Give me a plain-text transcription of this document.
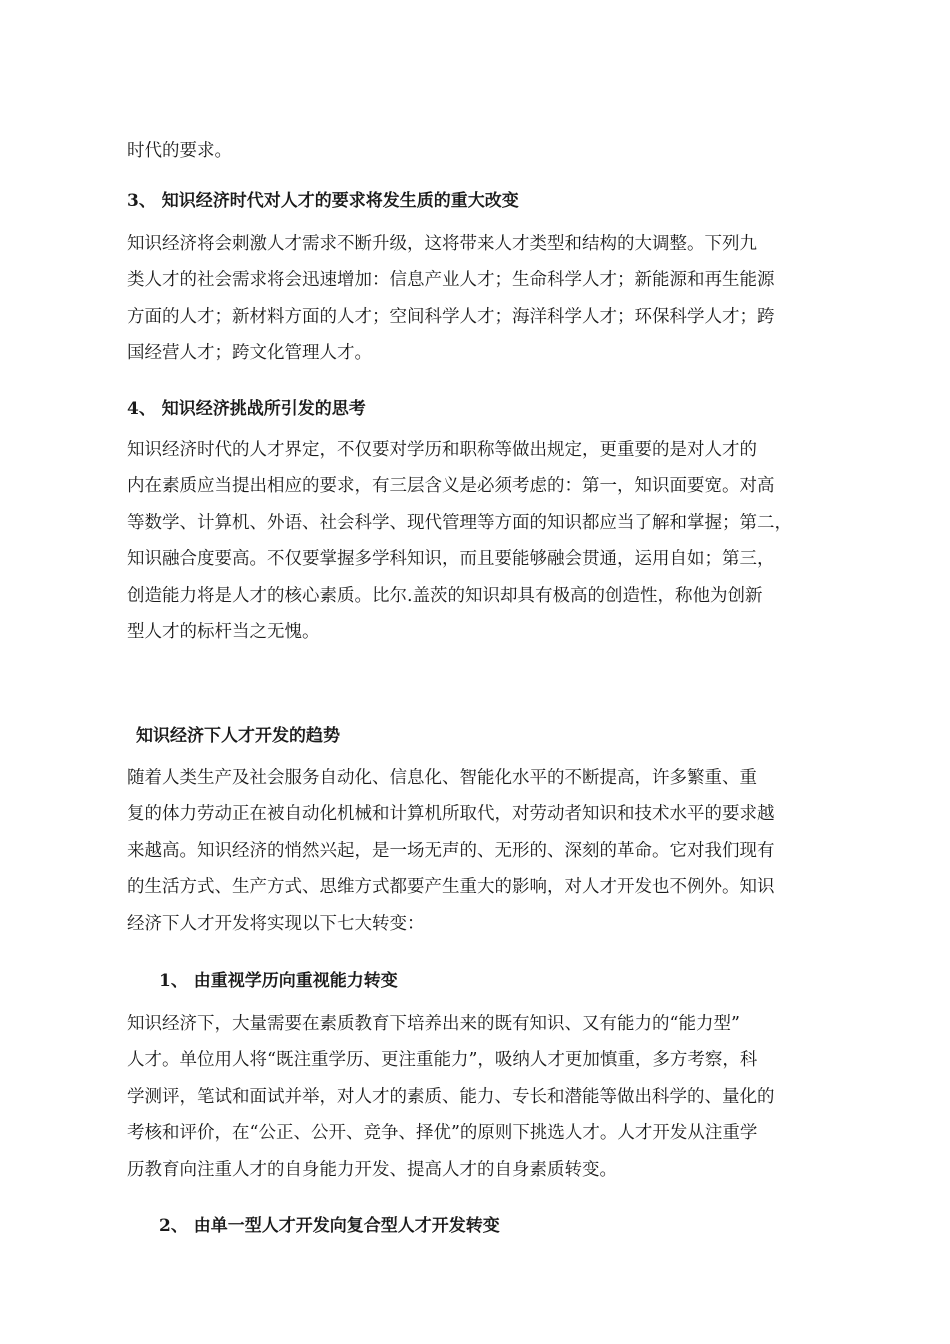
时代的要求。
3、 知识经济时代对人才的要求将发生质的重大改变
知识经济将会刺激人才需求不断升级，这将带来人才类型和结构的大调整。下列九
类人才的社会需求将会迅速增加：信息产业人才；生命科学人才；新能源和再生能源
方面的人才；新材料方面的人才；空间科学人才；海洋科学人才；环保科学人才；跨
国经营人才；跨文化管理人才。
4、 知识经济挑战所引发的思考
知识经济时代的人才界定，不仅要对学历和职称等做出规定，更重要的是对人才的
内在素质应当提出相应的要求，有三层含义是必须考虑的：第一，知识面要宽。对高
等数学、计算机、外语、社会科学、现代管理等方面的知识都应当了解和掌握；第二，
知识融合度要高。不仅要掌握多学科知识，而且要能够融会贯通，运用自如；第三，
创造能力将是人才的核心素质。比尔.盖茨的知识却具有极高的创造性，称他为创新
型人才的标杆当之无愧。
知识经济下人才开发的趋势
随着人类生产及社会服务自动化、信息化、智能化水平的不断提高，许多繁重、重
复的体力劳动正在被自动化机械和计算机所取代，对劳动者知识和技术水平的要求越
来越高。知识经济的悄然兴起，是一场无声的、无形的、深刻的革命。它对我们现有
的生活方式、生产方式、思维方式都要产生重大的影响，对人才开发也不例外。知识
经济下人才开发将实现以下七大转变：
1、 由重视学历向重视能力转变
知识经济下，大量需要在素质教育下培养出来的既有知识、又有能力的“能力型”
人才。单位用人将“既注重学历、更注重能力”，吸纳人才更加慎重，多方考察，科
学测评，笔试和面试并举，对人才的素质、能力、专长和潜能等做出科学的、量化的
考核和评价，在“公正、公开、竞争、择优”的原则下挑选人才。人才开发从注重学
历教育向注重人才的自身能力开发、提高人才的自身素质转变。
2、 由单一型人才开发向复合型人才开发转变
